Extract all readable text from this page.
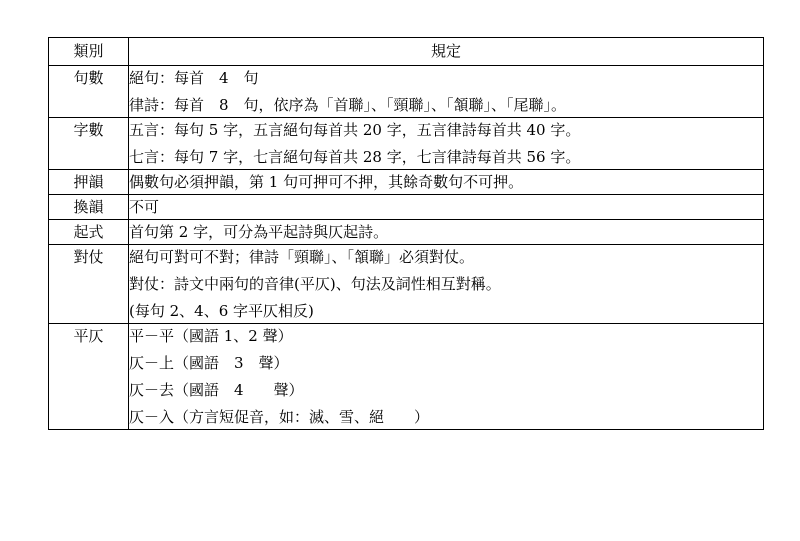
類別	規定

句數	絕句：每首　4　句
律詩：每首　8　句，依序為「首聯」、「頸聯」、「頷聯」、「尾聯」。

字數	五言：每句 5 字，五言絕句每首共 20 字，五言律詩每首共 40 字。
七言：每句 7 字，七言絕句每首共 28 字，七言律詩每首共 56 字。

押韻	偶數句必須押韻，第 1 句可押可不押，其餘奇數句不可押。

換韻	不可

起式	首句第 2 字，可分為平起詩與仄起詩。

對仗	絕句可對可不對；律詩「頸聯」、「頷聯」必須對仗。
對仗：詩文中兩句的音律(平仄)、句法及詞性相互對稱。
(每句 2、4、6 字平仄相反)

平仄	平－平（國語 1、2 聲）
仄－上（國語　3　聲）
仄－去（國語　4　　聲）
仄－入（方言短促音，如：滅、雪、絕　　）
